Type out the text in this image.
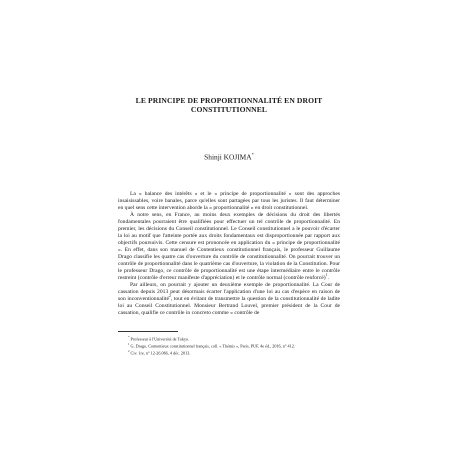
LE PRINCIPE DE PROPORTIONNALITÉ EN DROIT
CONSTITUTIONNEL

Shinji KOJIMA*

La « balance des intérêts » et le « principe de proportionnalité » sont des approches insaisissables, voire banales, parce qu'elles sont partagées par tous les juristes. Il faut déterminer en quel sens cette intervention aborde la « proportionnalité » en droit constitutionnel.

À notre sens, en France, au moins deux exemples de décisions du droit des libertés fondamentales pourraient être qualifiées pour effectuer un tel contrôle de proportionnalité. En premier, les décisions du Conseil constitutionnel. Le Conseil constitutionnel a le pouvoir d'écarter la loi au motif que l'atteinte portée aux droits fondamentaux est disproportionnée par rapport aux objectifs poursuivis. Cette censure est prononcée en application du « principe de proportionnalité ». En effet, dans son manuel de Contentieux constitutionnel français, le professeur Guillaume Drago classifie les quatre cas d'ouverture du contrôle de constitutionnalité. On pourrait trouver un contrôle de proportionnalité dans le quatrième cas d'ouverture, la violation de la Constitution. Pour le professeur Drago, ce contrôle de proportionnalité est une étape intermédiaire entre le contrôle restreint (contrôle d'erreur manifeste d'appréciation) et le contrôle normal (contrôle renforcé)$^1$.

Par ailleurs, on pourrait y ajouter un deuxième exemple de proportionnalité. La Cour de cassation depuis 2013 peut désormais écarter l'application d'une loi au cas d'espèce en raison de son inconventionnalité$^2$, tout en évitant de transmettre la question de la constitutionnalité de ladite loi au Conseil Constitutionnel. Monsieur Bertrand Louvel, premier président de la Cour de cassation, qualifie ce contrôle in concreto comme « contrôle de

* Professeur à l'Université de Tokyo.

$^1$ G. Drago, Contentieux constitutionnel français, coll. « Thémis », Paris, PUF, 4e éd., 2016, n° 412.

$^2$ Civ. 1re, n° 12-26.066, 4 déc. 2013.
